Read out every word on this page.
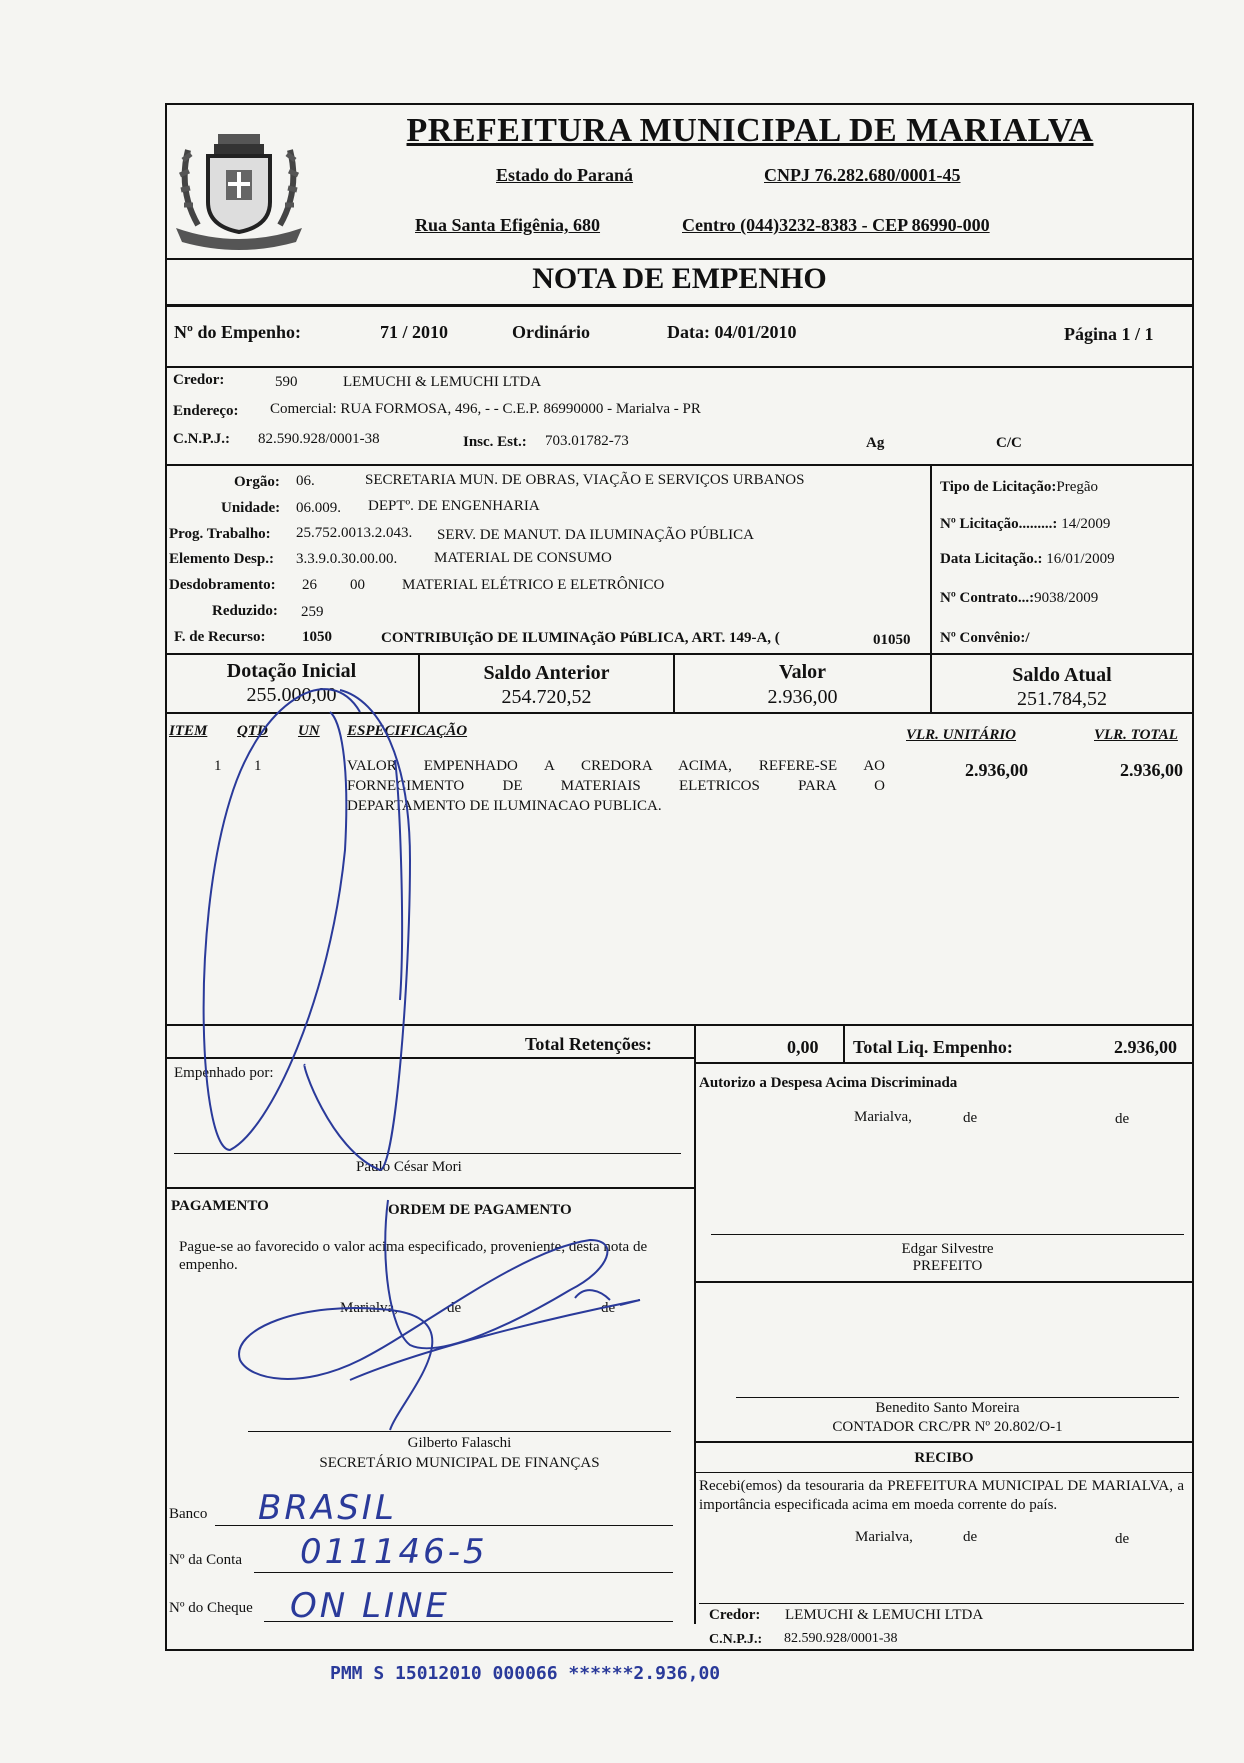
PREFEITURA MUNICIPAL DE MARIALVA
Estado do Paraná	CNPJ 76.282.680/0001-45
Rua Santa Efigênia, 680	Centro (044)3232-8383 - CEP 86990-000
NOTA DE EMPENHO
Nº do Empenho:	71 / 2010	Ordinário	Data: 04/01/2010	Página 1 / 1
Credor:	590	LEMUCHI & LEMUCHI LTDA
Endereço: Comercial: RUA FORMOSA, 496, - - C.E.P. 86990000 - Marialva - PR
C.N.P.J.: 82.590.928/0001-38	Insc. Est.: 703.01782-73	Ag	C/C
Orgão: 06.	SECRETARIA MUN. DE OBRAS, VIAÇÃO E SERVIÇOS URBANOS
Unidade: 06.009. DEPTº. DE ENGENHARIA
Prog. Trabalho: 25.752.0013.2.043. SERV. DE MANUT. DA ILUMINAÇÃO PÚBLICA
Elemento Desp.: 3.3.9.0.30.00.00. MATERIAL DE CONSUMO
Desdobramento: 26 00 MATERIAL ELÉTRICO E ELETRÔNICO
Reduzido: 259
F. de Recurso: 1050	CONTRIBUIçãO DE ILUMINAçãO PúBLICA, ART. 149-A, (	01050
Tipo de Licitação:Pregão
Nº Licitação.........: 14/2009
Data Licitação.: 16/01/2009
Nº Contrato...:9038/2009
Nº Convênio:/
Dotação Inicial
255.000,00
Saldo Anterior
254.720,52
Valor
2.936,00
Saldo Atual
251.784,52
ITEM QTD UN ESPECIFICAÇÃO	VLR. UNITÁRIO	VLR. TOTAL
1 1	VALOR EMPENHADO A CREDORA ACIMA, REFERE-SE AO
FORNECIMENTO DE MATERIAIS ELETRICOS PARA O
DEPARTAMENTO DE ILUMINACAO PUBLICA.
2.936,00	2.936,00
Total Retenções:	0,00 Total Liq. Empenho:	2.936,00
Empenhado por:
Paulo César Mori
PAGAMENTO	ORDEM DE PAGAMENTO
Pague-se ao favorecido o valor acima especificado, proveniente, desta nota de empenho.
Marialva,	de	de
Gilberto Falaschi
SECRETÁRIO MUNICIPAL DE FINANÇAS
Banco BRASIL
Nº da Conta 011146-5
Nº do Cheque ON LINE
Autorizo a Despesa Acima Discriminada
Marialva,	de	de
Edgar Silvestre
PREFEITO
Benedito Santo Moreira
CONTADOR CRC/PR Nº 20.802/O-1
RECIBO
Recebi(emos) da tesouraria da PREFEITURA MUNICIPAL DE MARIALVA, a importância especificada acima em moeda corrente do país.
Marialva,	de	de
Credor: LEMUCHI & LEMUCHI LTDA
C.N.P.J.: 82.590.928/0001-38
PMM S 15012010 000066 ******2.936,00
